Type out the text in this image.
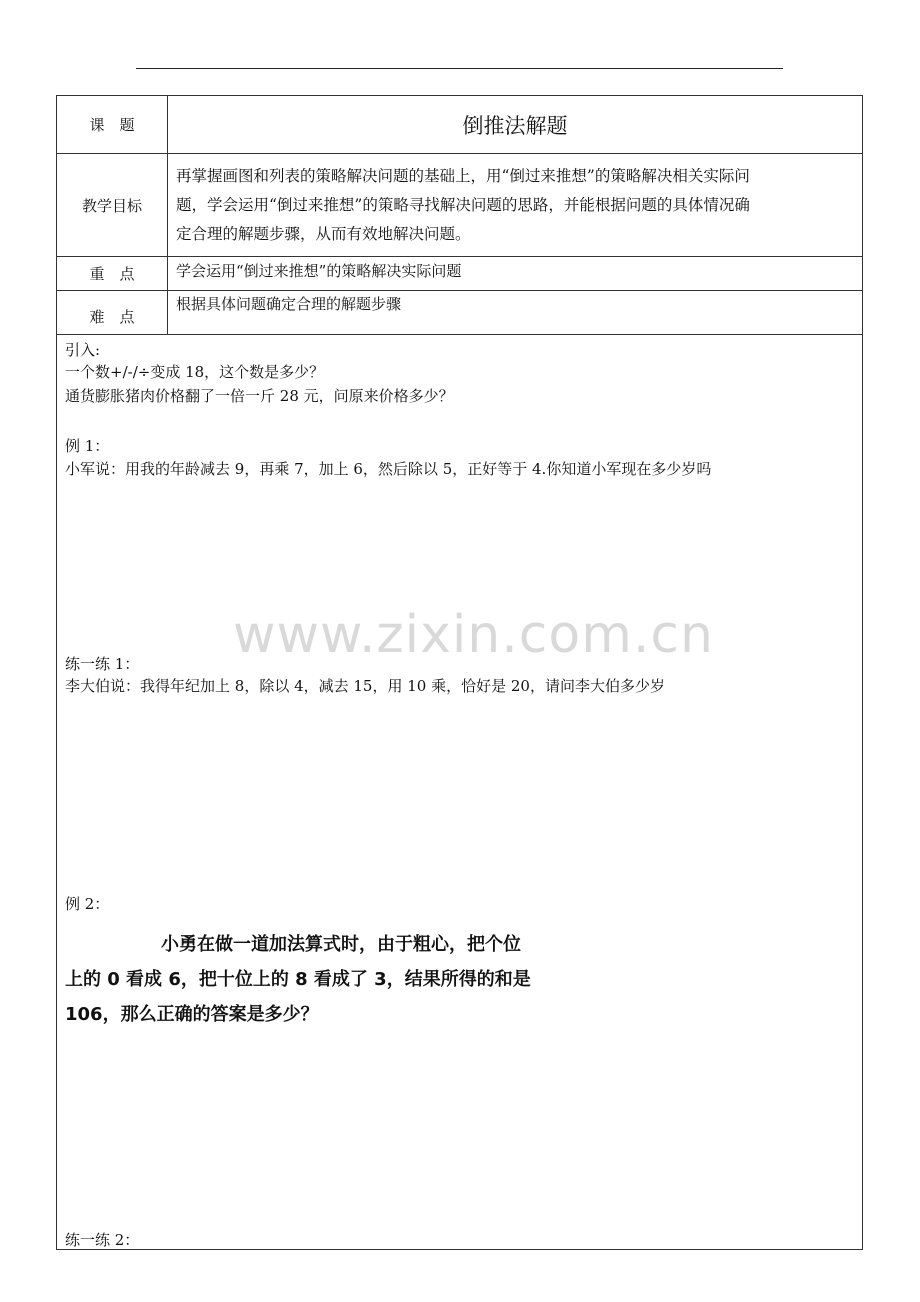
课　题	倒推法解题
教学目标
再掌握画图和列表的策略解决问题的基础上，用“倒过来推想”的策略解决相关实际问
题，学会运用“倒过来推想”的策略寻找解决问题的思路，并能根据问题的具体情况确
定合理的解题步骤，从而有效地解决问题。
重　点	学会运用“倒过来推想”的策略解决实际问题
难　点
根据具体问题确定合理的解题步骤
引入:
一个数+/-/÷变成 18，这个数是多少？
通货膨胀猪肉价格翻了一倍一斤 28 元，问原来价格多少？
例 1：
小军说：用我的年龄减去 9，再乘 7，加上 6，然后除以 5，正好等于 4.你知道小军现在多少岁吗
练一练 1：
李大伯说：我得年纪加上 8，除以 4，减去 15，用 10 乘，恰好是 20，请问李大伯多少岁
例 2：
小勇在做一道加法算式时，由于粗心，把个位
上的 0 看成 6，把十位上的 8 看成了 3，结果所得的和是
106，那么正确的答案是多少？
练一练 2：
www.zixin.com.cn
